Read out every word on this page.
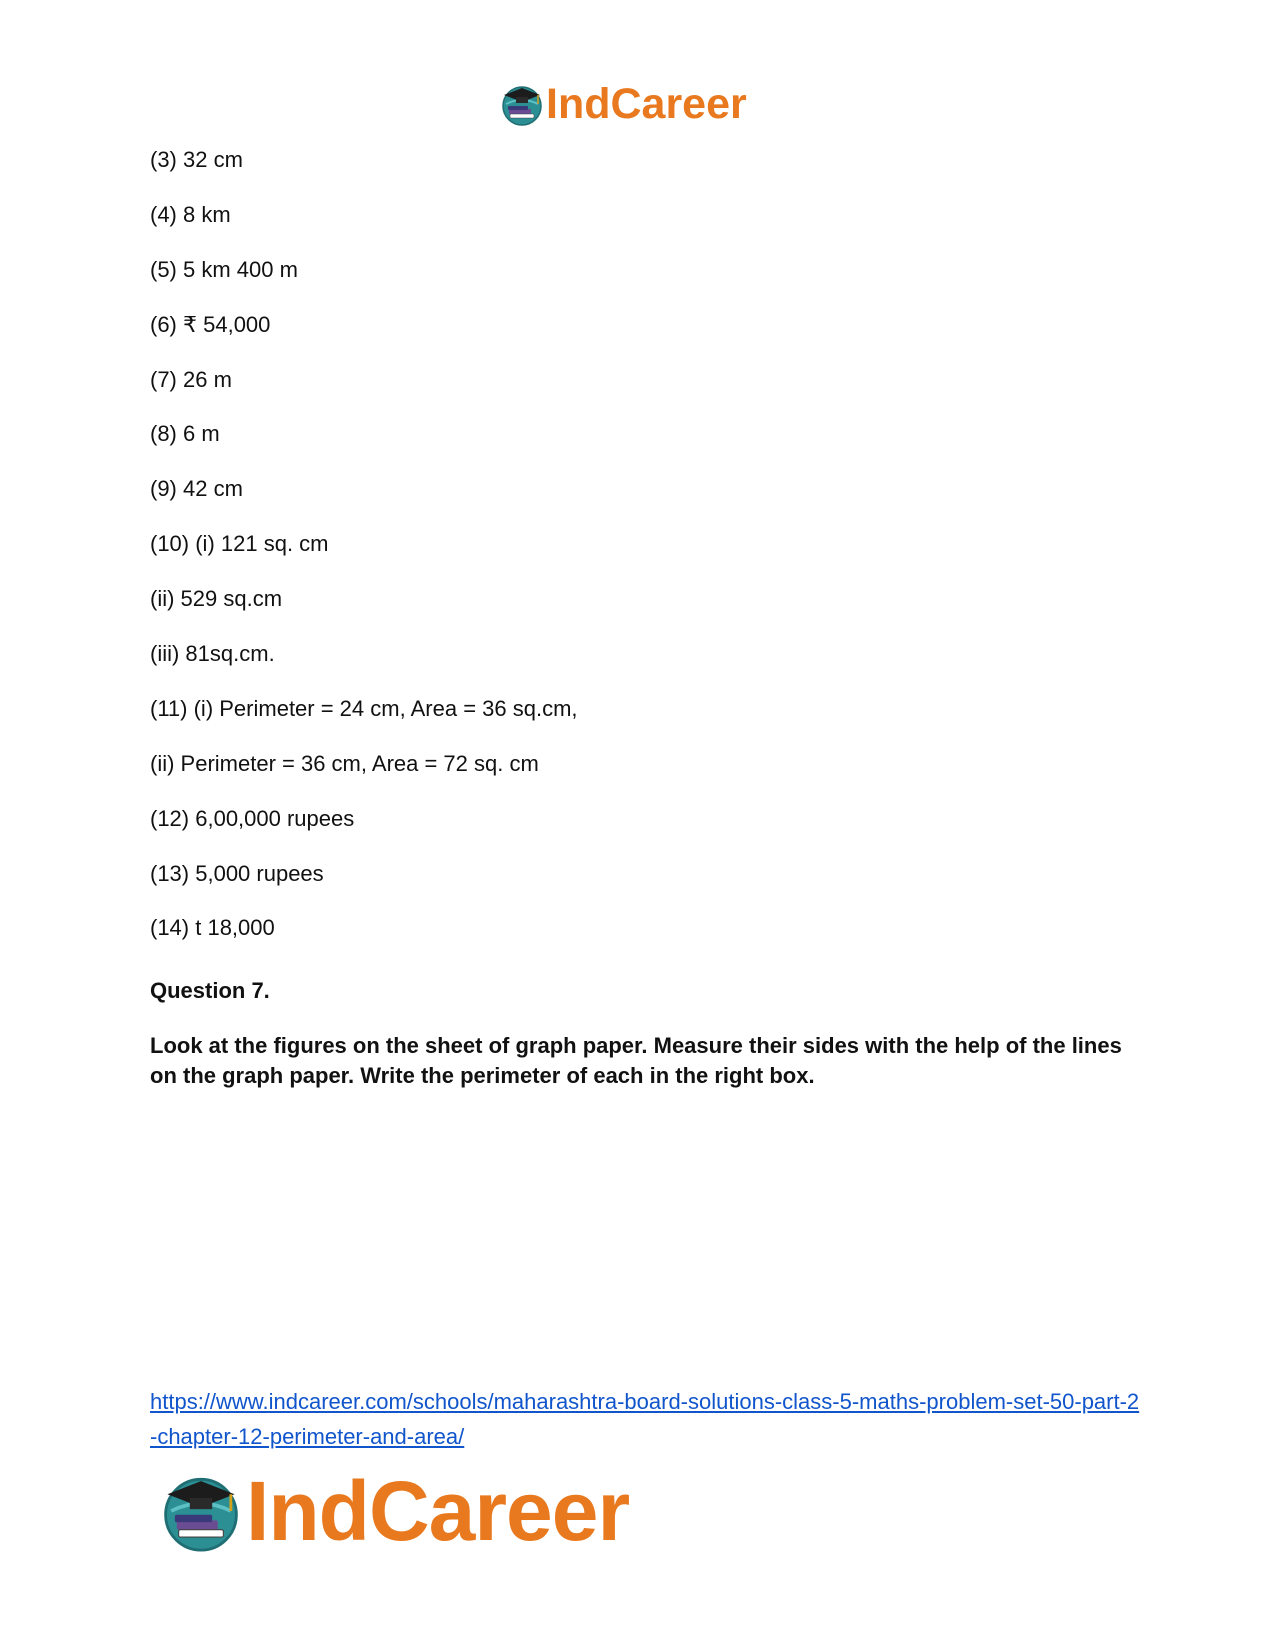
IndCareer
(3) 32 cm
(4) 8 km
(5) 5 km 400 m
(6) ₹ 54,000
(7) 26 m
(8) 6 m
(9) 42 cm
(10) (i) 121 sq. cm
(ii) 529 sq.cm
(iii) 81sq.cm.
(11) (i) Perimeter = 24 cm, Area = 36 sq.cm,
(ii) Perimeter = 36 cm, Area = 72 sq. cm
(12) 6,00,000 rupees
(13) 5,000 rupees
(14) t 18,000

Question 7.

Look at the figures on the sheet of graph paper. Measure their sides with the help of the lines on the graph paper. Write the perimeter of each in the right box.

https://www.indcareer.com/schools/maharashtra-board-solutions-class-5-maths-problem-set-50-part-2-chapter-12-perimeter-and-area/
IndCareer
